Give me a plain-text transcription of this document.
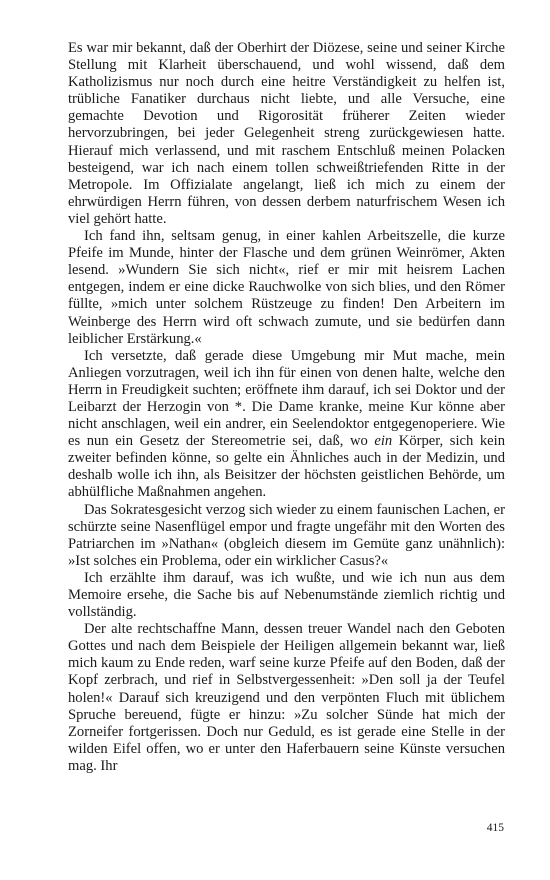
Es war mir bekannt, daß der Oberhirt der Diözese, seine und seiner Kirche Stellung mit Klarheit überschauend, und wohl wissend, daß dem Katholizismus nur noch durch eine heitre Verständigkeit zu helfen ist, trübliche Fanatiker durchaus nicht liebte, und alle Versuche, eine gemachte Devotion und Rigorosität früherer Zeiten wieder hervorzubringen, bei jeder Gelegenheit streng zurückgewiesen hatte. Hierauf mich verlassend, und mit raschem Entschluß meinen Polacken besteigend, war ich nach einem tollen schweißtriefenden Ritte in der Metropole. Im Offizialate angelangt, ließ ich mich zu einem der ehrwürdigen Herrn führen, von dessen derbem naturfrischem Wesen ich viel gehört hatte.

Ich fand ihn, seltsam genug, in einer kahlen Arbeitszelle, die kurze Pfeife im Munde, hinter der Flasche und dem grünen Weinrömer, Akten lesend. »Wundern Sie sich nicht«, rief er mir mit heisrem Lachen entgegen, indem er eine dicke Rauchwolke von sich blies, und den Römer füllte, »mich unter solchem Rüstzeuge zu finden! Den Arbeitern im Weinberge des Herrn wird oft schwach zumute, und sie bedürfen dann leiblicher Erstärkung.«

Ich versetzte, daß gerade diese Umgebung mir Mut mache, mein Anliegen vorzutragen, weil ich ihn für einen von denen halte, welche den Herrn in Freudigkeit suchten; eröffnete ihm darauf, ich sei Doktor und der Leibarzt der Herzogin von *. Die Dame kranke, meine Kur könne aber nicht anschlagen, weil ein andrer, ein Seelendoktor entgegenoperiere. Wie es nun ein Gesetz der Stereometrie sei, daß, wo ein Körper, sich kein zweiter befinden könne, so gelte ein Ähnliches auch in der Medizin, und deshalb wolle ich ihn, als Beisitzer der höchsten geistlichen Behörde, um abhülfliche Maßnahmen angehen.

Das Sokratesgesicht verzog sich wieder zu einem faunischen Lachen, er schürzte seine Nasenflügel empor und fragte ungefähr mit den Worten des Patriarchen im »Nathan« (obgleich diesem im Gemüte ganz unähnlich): »Ist solches ein Problema, oder ein wirklicher Casus?«

Ich erzählte ihm darauf, was ich wußte, und wie ich nun aus dem Memoire ersehe, die Sache bis auf Nebenumstände ziemlich richtig und vollständig.

Der alte rechtschaffne Mann, dessen treuer Wandel nach den Geboten Gottes und nach dem Beispiele der Heiligen allgemein bekannt war, ließ mich kaum zu Ende reden, warf seine kurze Pfeife auf den Boden, daß der Kopf zerbrach, und rief in Selbstvergessenheit: »Den soll ja der Teufel holen!« Darauf sich kreuzigend und den verpönten Fluch mit üblichem Spruche bereuend, fügte er hinzu: »Zu solcher Sünde hat mich der Zorneifer fortgerissen. Doch nur Geduld, es ist gerade eine Stelle in der wilden Eifel offen, wo er unter den Haferbauern seine Künste versuchen mag. Ihr

415
